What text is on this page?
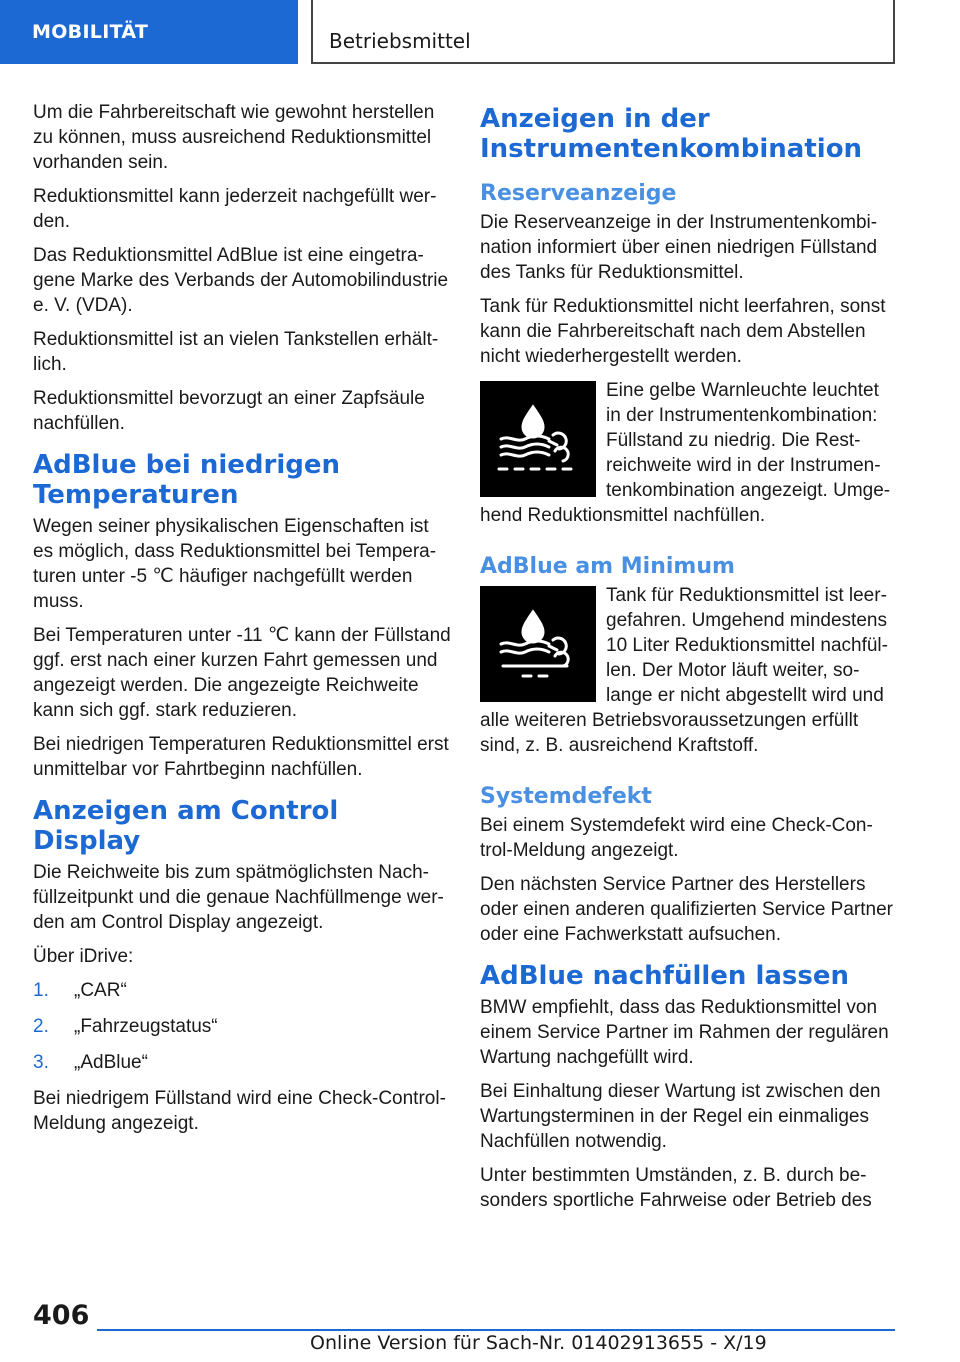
MOBILITÄT	Betriebsmittel

Um die Fahrbereitschaft wie gewohnt herstellen zu können, muss ausreichend Reduktionsmittel vorhanden sein.

Reduktionsmittel kann jederzeit nachgefüllt werden.

Das Reduktionsmittel AdBlue ist eine eingetragene Marke des Verbands der Automobilindustrie e. V. (VDA).

Reduktionsmittel ist an vielen Tankstellen erhältlich.

Reduktionsmittel bevorzugt an einer Zapfsäule nachfüllen.

AdBlue bei niedrigen Temperaturen

Wegen seiner physikalischen Eigenschaften ist es möglich, dass Reduktionsmittel bei Temperaturen unter -5 ℃ häufiger nachgefüllt werden muss.

Bei Temperaturen unter -11 ℃ kann der Füllstand ggf. erst nach einer kurzen Fahrt gemessen und angezeigt werden. Die angezeigte Reichweite kann sich ggf. stark reduzieren.

Bei niedrigen Temperaturen Reduktionsmittel erst unmittelbar vor Fahrtbeginn nachfüllen.

Anzeigen am Control Display

Die Reichweite bis zum spätmöglichsten Nachfüllzeitpunkt und die genaue Nachfüllmenge werden am Control Display angezeigt.

Über iDrive:

1.	„CAR“
2.	„Fahrzeugstatus“
3.	„AdBlue“

Bei niedrigem Füllstand wird eine Check-Control-Meldung angezeigt.

Anzeigen in der Instrumentenkombination
Reserveanzeige

Die Reserveanzeige in der Instrumentenkombination informiert über einen niedrigen Füllstand des Tanks für Reduktionsmittel.

Tank für Reduktionsmittel nicht leerfahren, sonst kann die Fahrbereitschaft nach dem Abstellen nicht wiederhergestellt werden.

Eine gelbe Warnleuchte leuchtet in der Instrumentenkombination: Füllstand zu niedrig. Die Restreichweite wird in der Instrumentenkombination angezeigt. Umgehend Reduktionsmittel nachfüllen.

AdBlue am Minimum

Tank für Reduktionsmittel ist leergefahren. Umgehend mindestens 10 Liter Reduktionsmittel nachfüllen. Der Motor läuft weiter, solange er nicht abgestellt wird und alle weiteren Betriebsvoraussetzungen erfüllt sind, z. B. ausreichend Kraftstoff.

Systemdefekt

Bei einem Systemdefekt wird eine Check-Control-Meldung angezeigt.

Den nächsten Service Partner des Herstellers oder einen anderen qualifizierten Service Partner oder eine Fachwerkstatt aufsuchen.

AdBlue nachfüllen lassen

BMW empfiehlt, dass das Reduktionsmittel von einem Service Partner im Rahmen der regulären Wartung nachgefüllt wird.

Bei Einhaltung dieser Wartung ist zwischen den Wartungsterminen in der Regel ein einmaliges Nachfüllen notwendig.

Unter bestimmten Umständen, z. B. durch besonders sportliche Fahrweise oder Betrieb des

406
Online Version für Sach-Nr. 01402913655 - X/19
